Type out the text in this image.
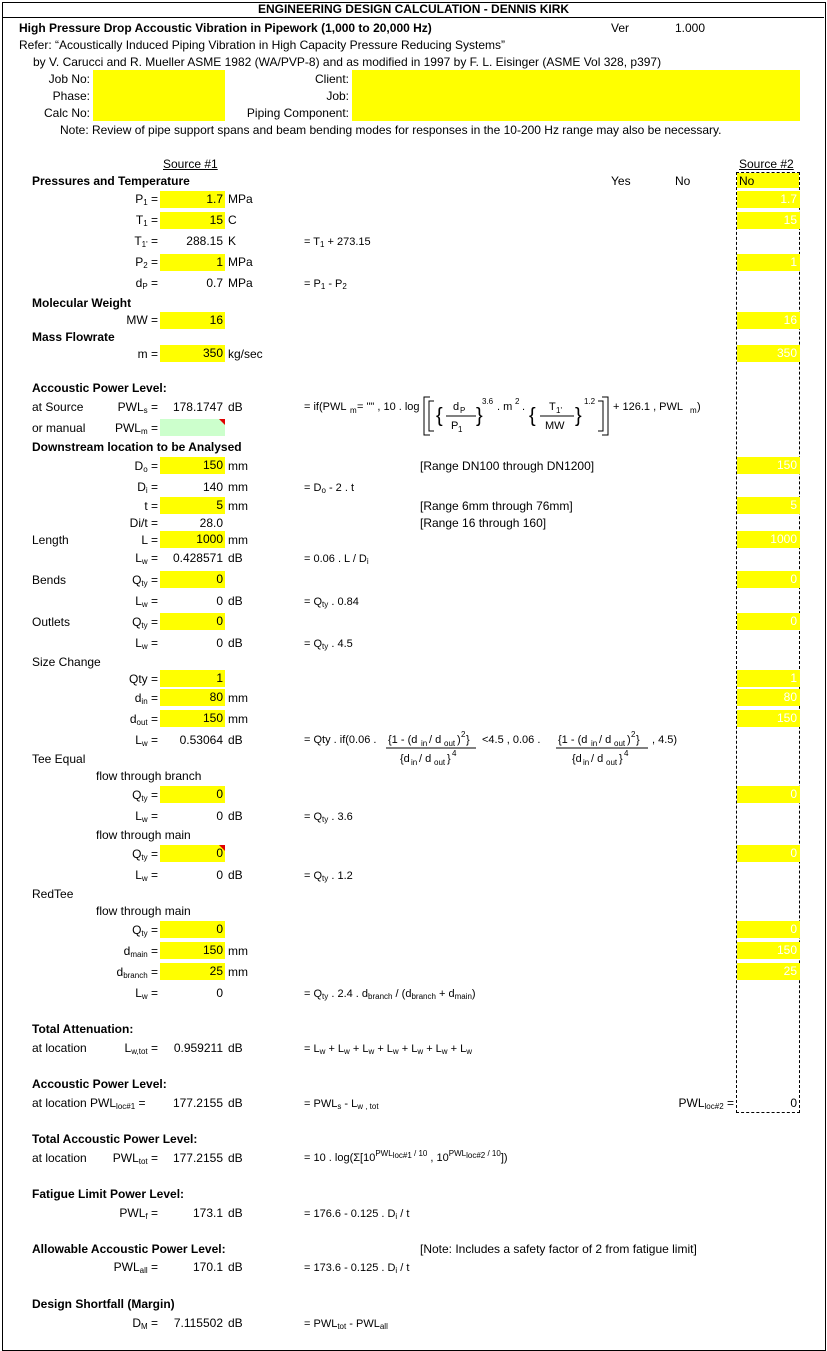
ENGINEERING DESIGN CALCULATION - DENNIS KIRK
High Pressure Drop Accoustic Vibration in Pipework (1,000 to 20,000 Hz)	Ver	1.000
Refer: “Acoustically Induced Piping Vibration in High Capacity Pressure Reducing Systems”
by V. Carucci and R. Mueller ASME 1982 (WA/PVP-8) and as modified in 1997 by F. L. Eisinger (ASME Vol 328, p397)
Job No:
Phase:
Calc No:
Client:
Job:
Piping Component:
Note: Review of pipe support spans and beam bending modes for responses in the 10-200 Hz range may also be necessary.
Source #1	Source #2
Pressures and Temperature	Yes	No	No
$P_1$ =	1.7 MPa	1.7
$T_1$ =	15 C	15
$T_{1'}$ =	288.15 K	= $T_1 + 273.15$
$P_2$ =	1 MPa	1
$d_P$ =	0.7 MPa	= $P_1 - P_2$
Molecular Weight
MW =	16	16
Mass Flowrate
m =	350 kg/sec	350
Accoustic Power Level:
at Source	$PWL_s$ =	178.1747 dB
or manual	$PWL_m$ =
= if(PWL m = "" , 10 . log { d P
P 1
}
3.6 . m 2 . { T 1'
MW }
1.2 + 126.1 , PWL m )
Downstream location to be Analysed
$D_o$ =	150 mm	[Range DN100 through DN1200]	150
$D_i$ =	140 mm	= $D_o - 2$ . t
t =	5 mm	[Range 6mm through 76mm]	5
Di/t =	28.0	[Range 16 through 160]
Length	L =	1000 mm	1000
$L_w$ =	0.428571 dB	= 0.06 . L / $D_i$
Bends	$Q_{ty}$ =	0	0
$L_w$ =	0 dB	= $Q_{ty}$ . 0.84
Outlets	$Q_{ty}$ =	0	0
$L_w$ =	0 dB	= $Q_{ty}$ . 4.5
Size Change
Qty =	1	1
$d_{in}$ =	80 mm	80
$d_{out}$ =	150 mm	150
$L_w$ =	0.53064 dB	= Qty . if(0.06 . {1 - (d in / d out ) 2 }
{d in / d out } 4
<4.5 , 0.06 . {1 - (d in / d out ) 2 }
{d in / d out } 4
, 4.5)
Tee Equal
flow through branch
$Q_{ty}$ =	0	0
$L_w$ =	0 dB	= $Q_{ty}$ . 3.6
flow through main
$Q_{ty}$ =	0	0
$L_w$ =	0 dB	= $Q_{ty}$ . 1.2
RedTee
flow through main
$Q_{ty}$ =	0	0
$d_{main}$ =	150 mm	150
$d_{branch}$ =	25 mm	25
$L_w$ =	0	= $Q_{ty}$ . 2.4 . $d_{branch} / (d_{branch} + d_{main})$
Total Attenuation:
at location	$L_{w,tot}$ =	0.959211 dB	= $L_w + L_w + L_w + L_w + L_w + L_w + L_w$
Accoustic Power Level:
at location $PWL_{loc\#1}$ =	177.2155 dB	= $PWL_s - L_{w , tot}$	$PWL_{loc\#2}$ =	0
Total Accoustic Power Level:
at location	$PWL_{tot}$ =	177.2155 dB	= 10 . $\log(\Sigma[10^{PWL_{loc\#1} / 10}$ , $10^{PWL_{loc\#2} / 10}$])
Fatigue Limit Power Level:
$PWL_f$ =	173.1 dB	= 176.6 - 0.125 . $D_i$ / t
Allowable Accoustic Power Level:	[Note: Includes a safety factor of 2 from fatigue limit]
$PWL_{all}$ =	170.1 dB	= 173.6 - 0.125 . $D_i$ / t
Design Shortfall (Margin)
$D_M$ =	7.115502 dB	= $PWL_{tot} - PWL_{all}$
